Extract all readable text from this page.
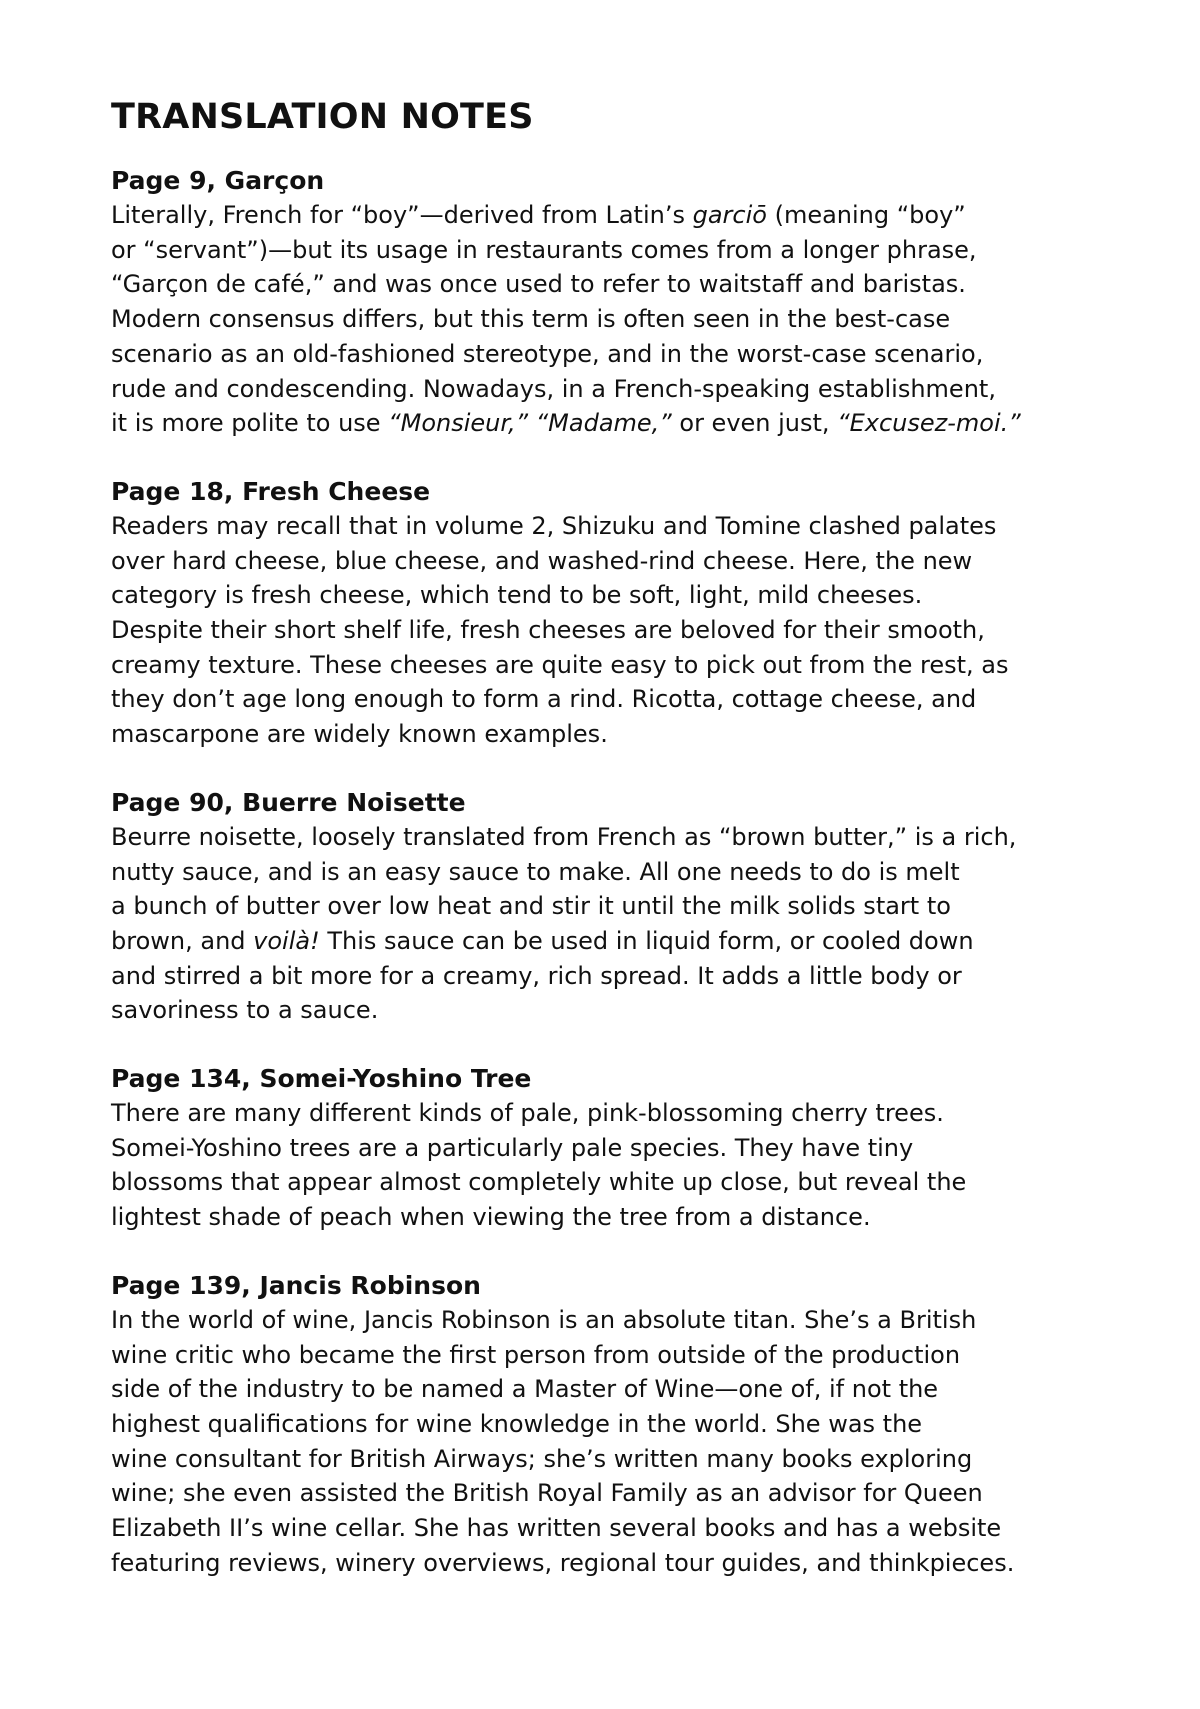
TRANSLATION NOTES
Page 9, Garçon
Literally, French for “boy”—derived from Latin’s garciō (meaning “boy”
or “servant”)—but its usage in restaurants comes from a longer phrase,
“Garçon de café,” and was once used to refer to waitstaff and baristas.
Modern consensus differs, but this term is often seen in the best-case
scenario as an old-fashioned stereotype, and in the worst-case scenario,
rude and condescending. Nowadays, in a French-speaking establishment,
it is more polite to use “Monsieur,” “Madame,” or even just, “Excusez-moi.”
Page 18, Fresh Cheese
Readers may recall that in volume 2, Shizuku and Tomine clashed palates
over hard cheese, blue cheese, and washed-rind cheese. Here, the new
category is fresh cheese, which tend to be soft, light, mild cheeses.
Despite their short shelf life, fresh cheeses are beloved for their smooth,
creamy texture. These cheeses are quite easy to pick out from the rest, as
they don’t age long enough to form a rind. Ricotta, cottage cheese, and
mascarpone are widely known examples.
Page 90, Buerre Noisette
Beurre noisette, loosely translated from French as “brown butter,” is a rich,
nutty sauce, and is an easy sauce to make. All one needs to do is melt
a bunch of butter over low heat and stir it until the milk solids start to
brown, and voilà! This sauce can be used in liquid form, or cooled down
and stirred a bit more for a creamy, rich spread. It adds a little body or
savoriness to a sauce.
Page 134, Somei-Yoshino Tree
There are many different kinds of pale, pink-blossoming cherry trees.
Somei-Yoshino trees are a particularly pale species. They have tiny
blossoms that appear almost completely white up close, but reveal the
lightest shade of peach when viewing the tree from a distance.
Page 139, Jancis Robinson
In the world of wine, Jancis Robinson is an absolute titan. She’s a British
wine critic who became the first person from outside of the production
side of the industry to be named a Master of Wine—one of, if not the
highest qualifications for wine knowledge in the world. She was the
wine consultant for British Airways; she’s written many books exploring
wine; she even assisted the British Royal Family as an advisor for Queen
Elizabeth II’s wine cellar. She has written several books and has a website
featuring reviews, winery overviews, regional tour guides, and thinkpieces.
